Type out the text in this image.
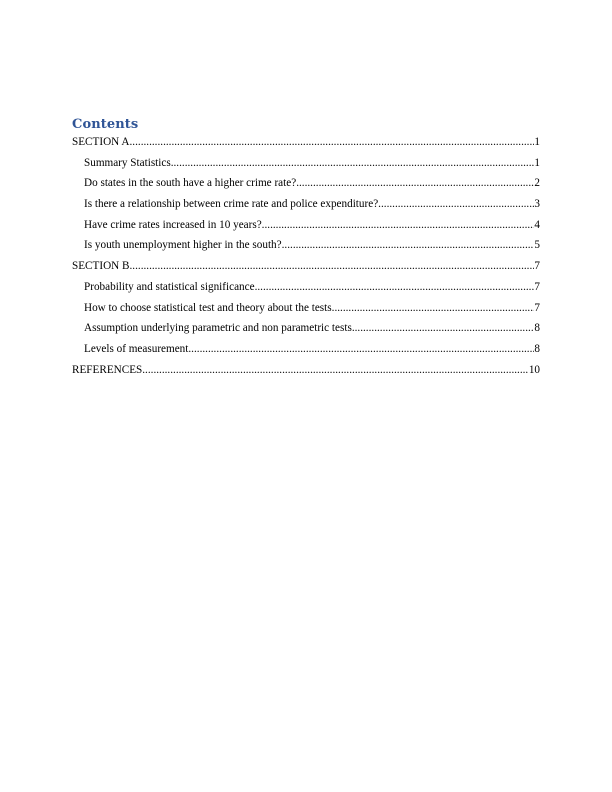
Contents
SECTION A .....	1
Summary Statistics .....	1
Do states in the south have a higher crime rate? .....	2
Is there a relationship between crime rate and police expenditure? .....	3
Have crime rates increased in 10 years? .....	4
Is youth unemployment higher in the south? .....	5
SECTION B .....	7
Probability and statistical significance .....	7
How to choose statistical test and theory about the tests .....	7
Assumption underlying parametric and non parametric tests .....	8
Levels of measurement .....	8
REFERENCES .....	10
